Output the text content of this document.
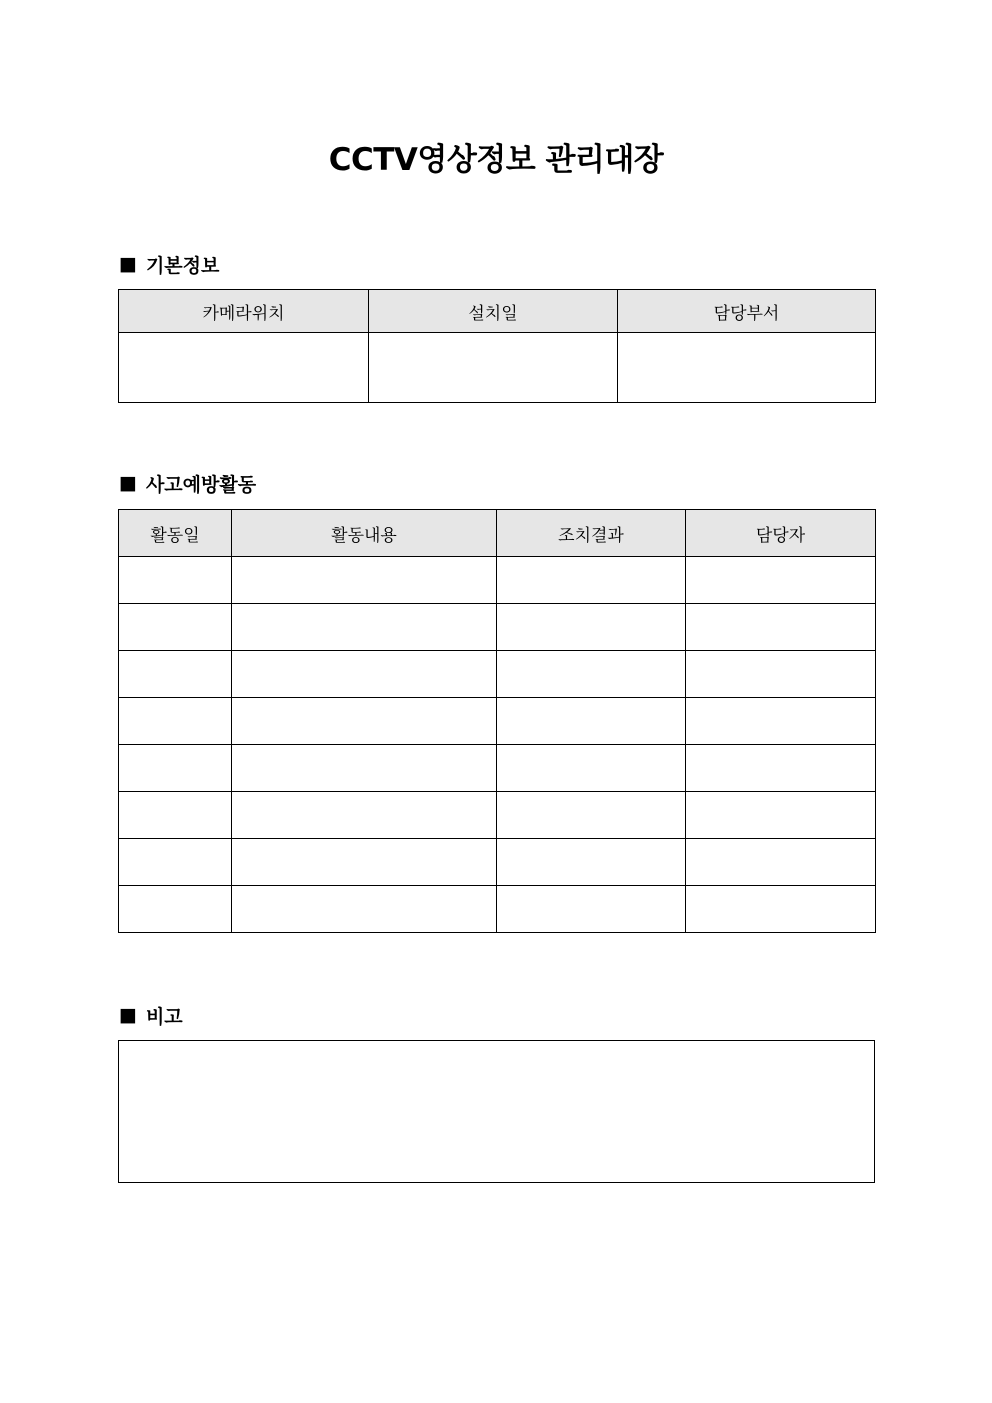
CCTV영상정보 관리대장
■ 기본정보
카메라위치	설치일	담당부서

■ 사고예방활동
활동일	활동내용	조치결과	담당자

■ 비고
